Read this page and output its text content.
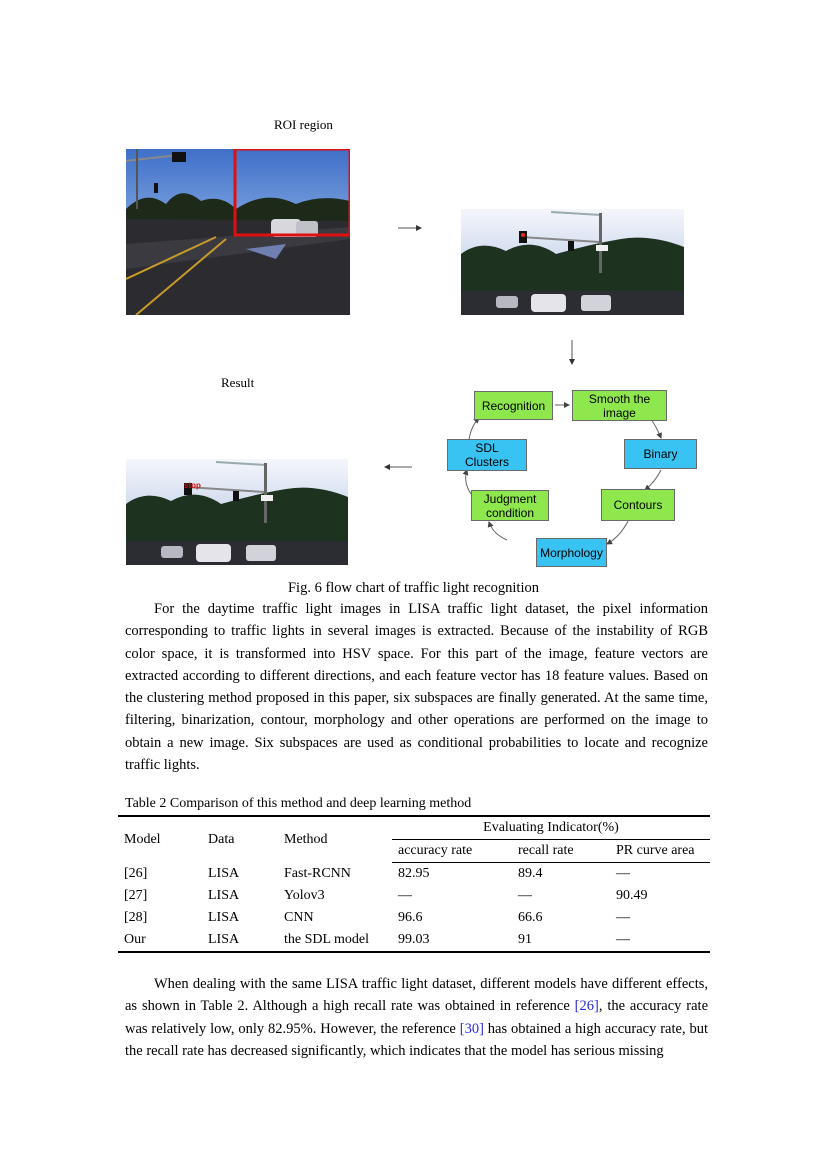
ROI region
Result
stop
Recognition	Smooth the
image
SDL
Clusters
Binary
Judgment
condition
Contours
Morphology
Fig. 6 flow chart of traffic light recognition
For the daytime traffic light images in LISA traffic light dataset, the pixel information corresponding to traffic lights in several images is extracted. Because of the instability of RGB color space, it is transformed into HSV space. For this part of the image, feature vectors are extracted according to different directions, and each feature vector has 18 feature values. Based on the clustering method proposed in this paper, six subspaces are finally generated. At the same time, filtering, binarization, contour, morphology and other operations are performed on the image to obtain a new image. Six subspaces are used as conditional probabilities to locate and recognize traffic lights.
Table 2 Comparison of this method and deep learning method
Model	Data	Method	Evaluating Indicator(%)		
			accuracy rate	recall rate	PR curve area
[26]	LISA	Fast-RCNN	82.95	89.4	—
[27]	LISA	Yolov3	—	—	90.49
[28]	LISA	CNN	96.6	66.6	—
Our	LISA	the SDL model	99.03	91	—
When dealing with the same LISA traffic light dataset, different models have different effects, as shown in Table 2. Although a high recall rate was obtained in reference [26], the accuracy rate was relatively low, only 82.95%. However, the reference [30] has obtained a high accuracy rate, but the recall rate has decreased significantly, which indicates that the model has serious missing
